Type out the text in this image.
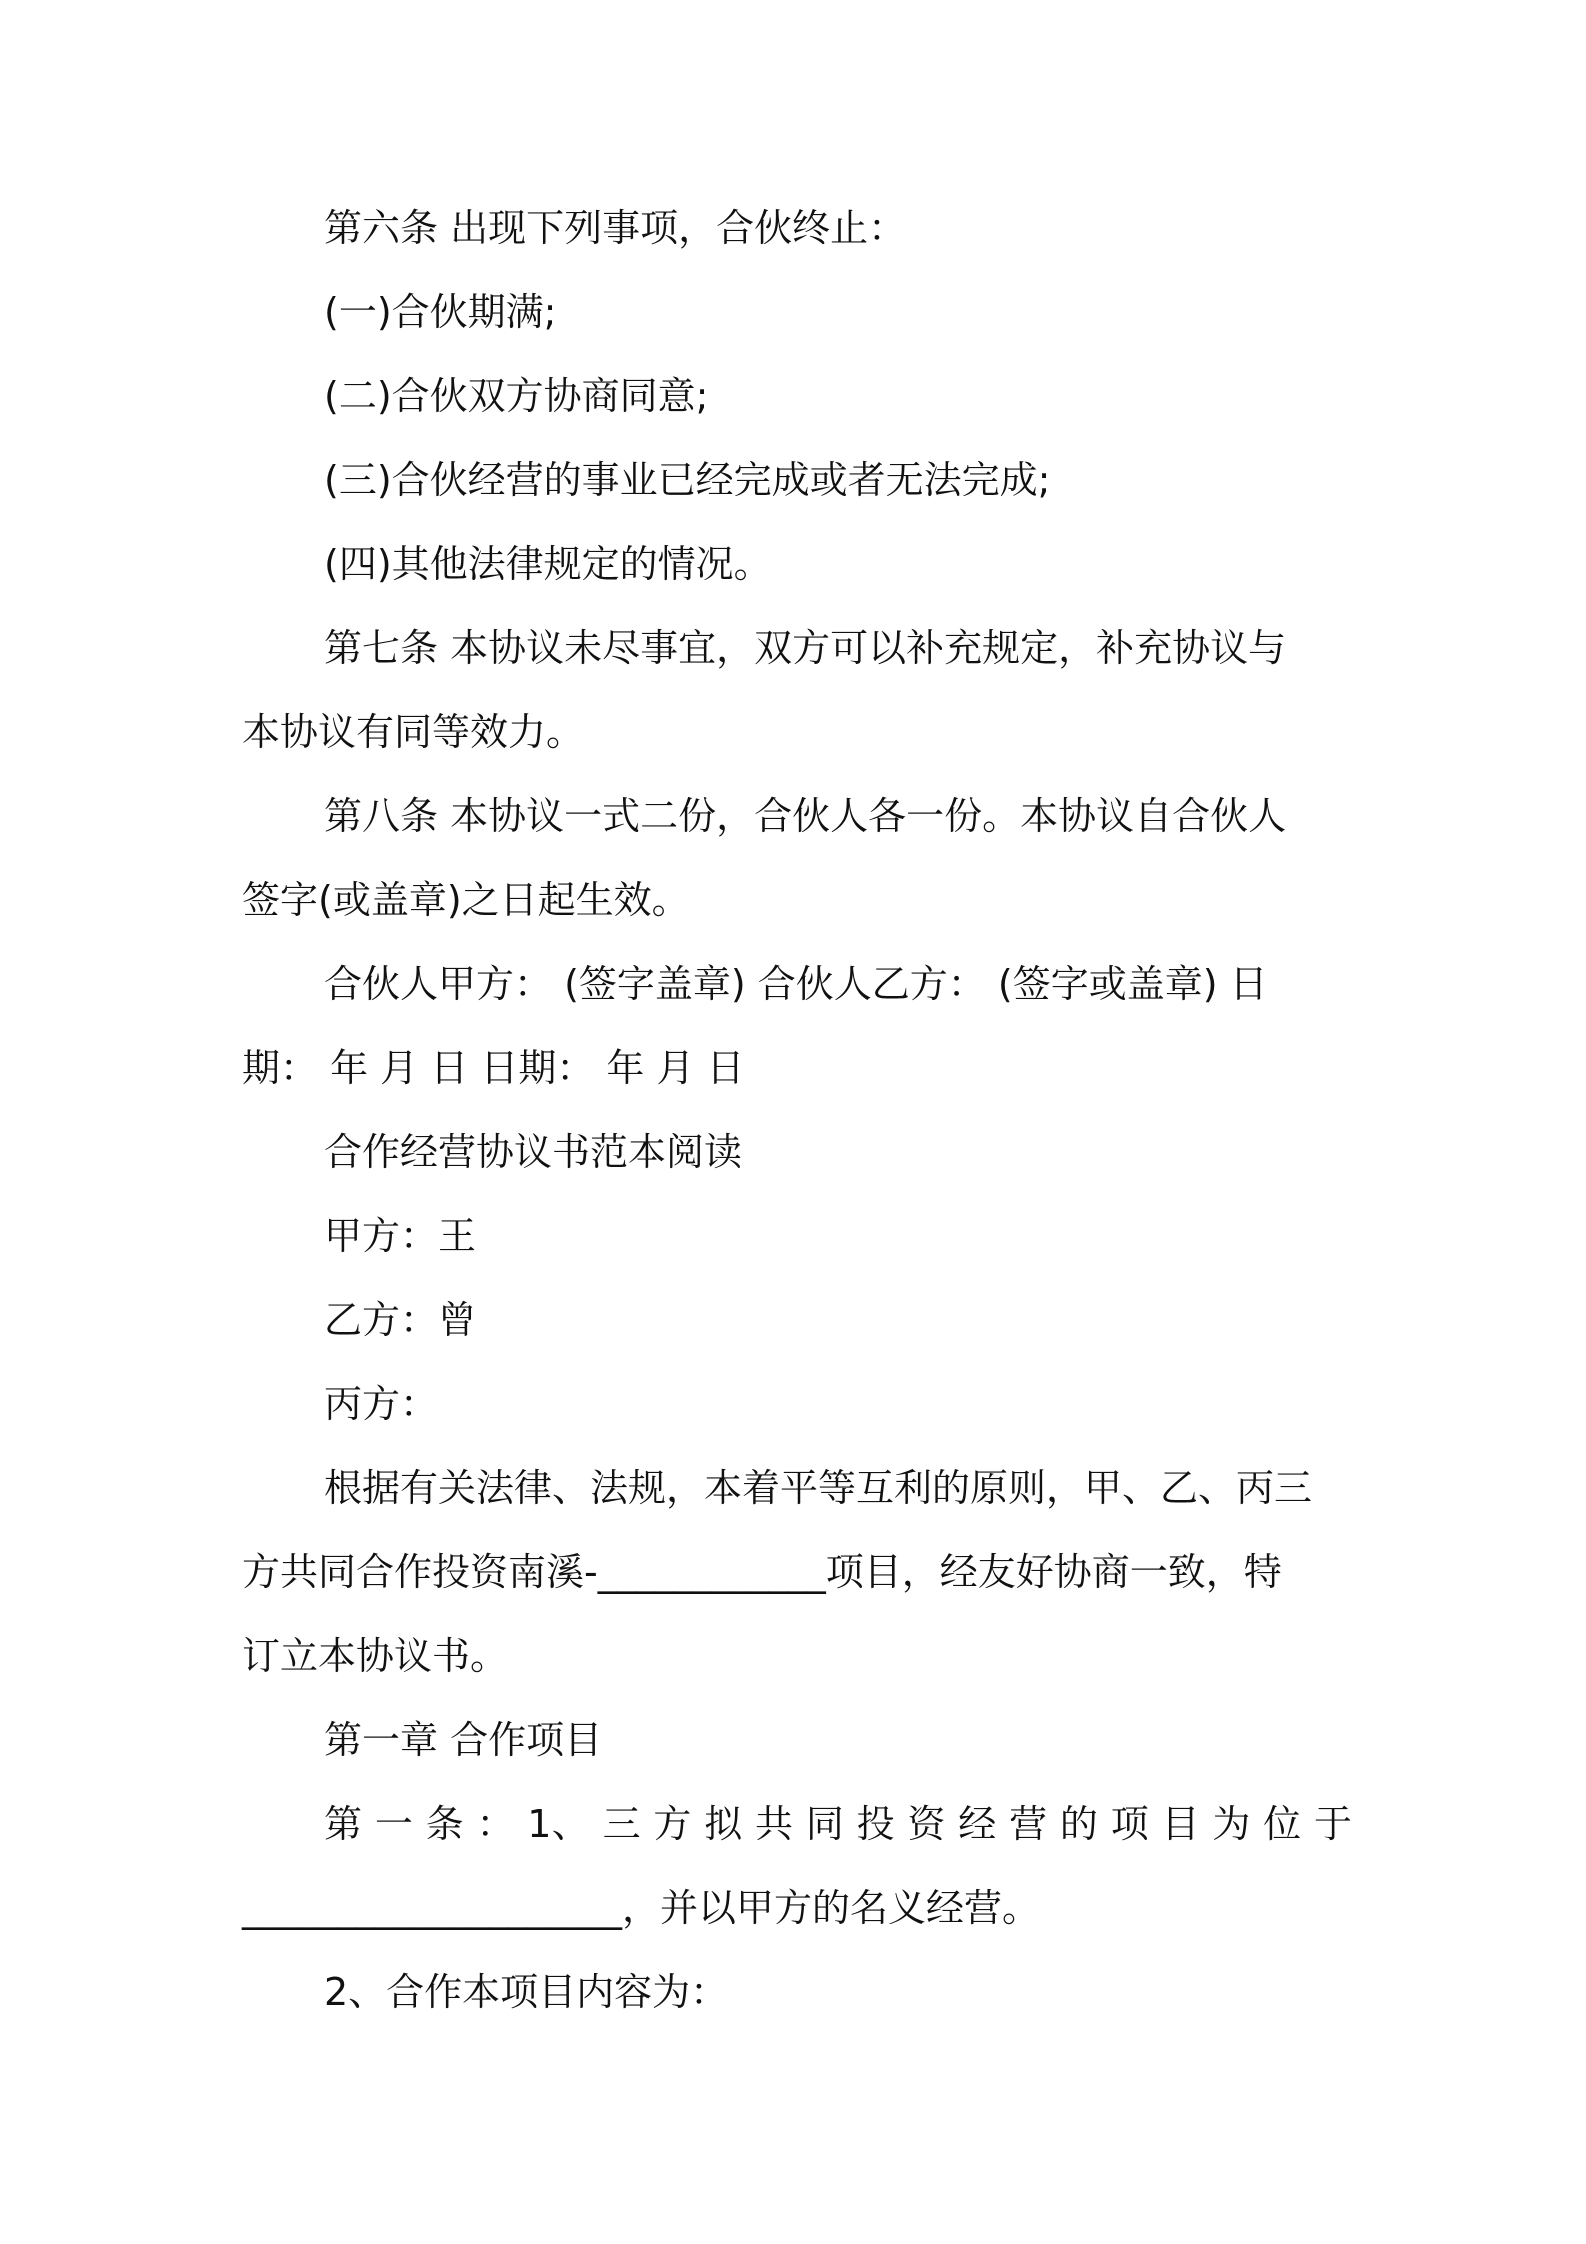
第六条 出现下列事项，合伙终止：
(一)合伙期满;
(二)合伙双方协商同意;
(三)合伙经营的事业已经完成或者无法完成;
(四)其他法律规定的情况。
第七条 本协议未尽事宜，双方可以补充规定，补充协议与
本协议有同等效力。
第八条 本协议一式二份，合伙人各一份。本协议自合伙人
签字(或盖章)之日起生效。
合伙人甲方： (签字盖章) 合伙人乙方： (签字或盖章) 日
期： 年 月 日 日期： 年 月 日
合作经营协议书范本阅读
甲方：王
乙方：曾
丙方：
根据有关法律、法规，本着平等互利的原则，甲、乙、丙三
方共同合作投资南溪-____________项目，经友好协商一致，特
订立本协议书。
第一章 合作项目
第 一 条 ： 1、 三 方 拟 共 同 投 资 经 营 的 项 目 为 位 于
____________________，并以甲方的名义经营。
2、合作本项目内容为：
